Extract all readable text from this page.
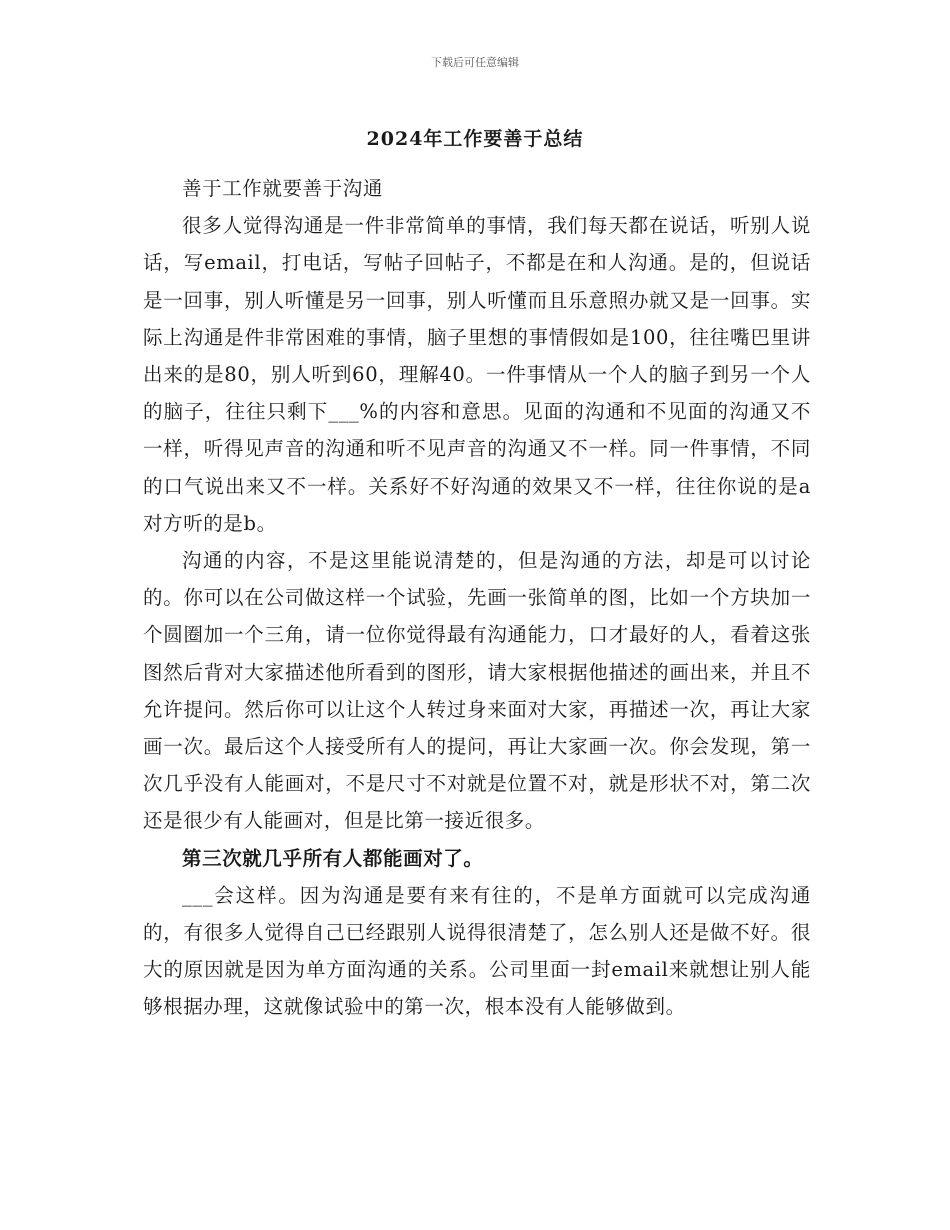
下载后可任意编辑
2024年工作要善于总结

善于工作就要善于沟通

很多人觉得沟通是一件非常简单的事情，我们每天都在说话，听别人说话，写email，打电话，写帖子回帖子，不都是在和人沟通。是的，但说话是一回事，别人听懂是另一回事，别人听懂而且乐意照办就又是一回事。实际上沟通是件非常困难的事情，脑子里想的事情假如是100，往往嘴巴里讲出来的是80，别人听到60，理解40。一件事情从一个人的脑子到另一个人的脑子，往往只剩下___%的内容和意思。见面的沟通和不见面的沟通又不一样，听得见声音的沟通和听不见声音的沟通又不一样。同一件事情，不同的口气说出来又不一样。关系好不好沟通的效果又不一样，往往你说的是a对方听的是b。

沟通的内容，不是这里能说清楚的，但是沟通的方法，却是可以讨论的。你可以在公司做这样一个试验，先画一张简单的图，比如一个方块加一个圆圈加一个三角，请一位你觉得最有沟通能力，口才最好的人，看着这张图然后背对大家描述他所看到的图形，请大家根据他描述的画出来，并且不允许提问。然后你可以让这个人转过身来面对大家，再描述一次，再让大家画一次。最后这个人接受所有人的提问，再让大家画一次。你会发现，第一次几乎没有人能画对，不是尺寸不对就是位置不对，就是形状不对，第二次还是很少有人能画对，但是比第一接近很多。

第三次就几乎所有人都能画对了。

___会这样。因为沟通是要有来有往的，不是单方面就可以完成沟通的，有很多人觉得自己已经跟别人说得很清楚了，怎么别人还是做不好。很大的原因就是因为单方面沟通的关系。公司里面一封email来就想让别人能够根据办理，这就像试验中的第一次，根本没有人能够做到。
